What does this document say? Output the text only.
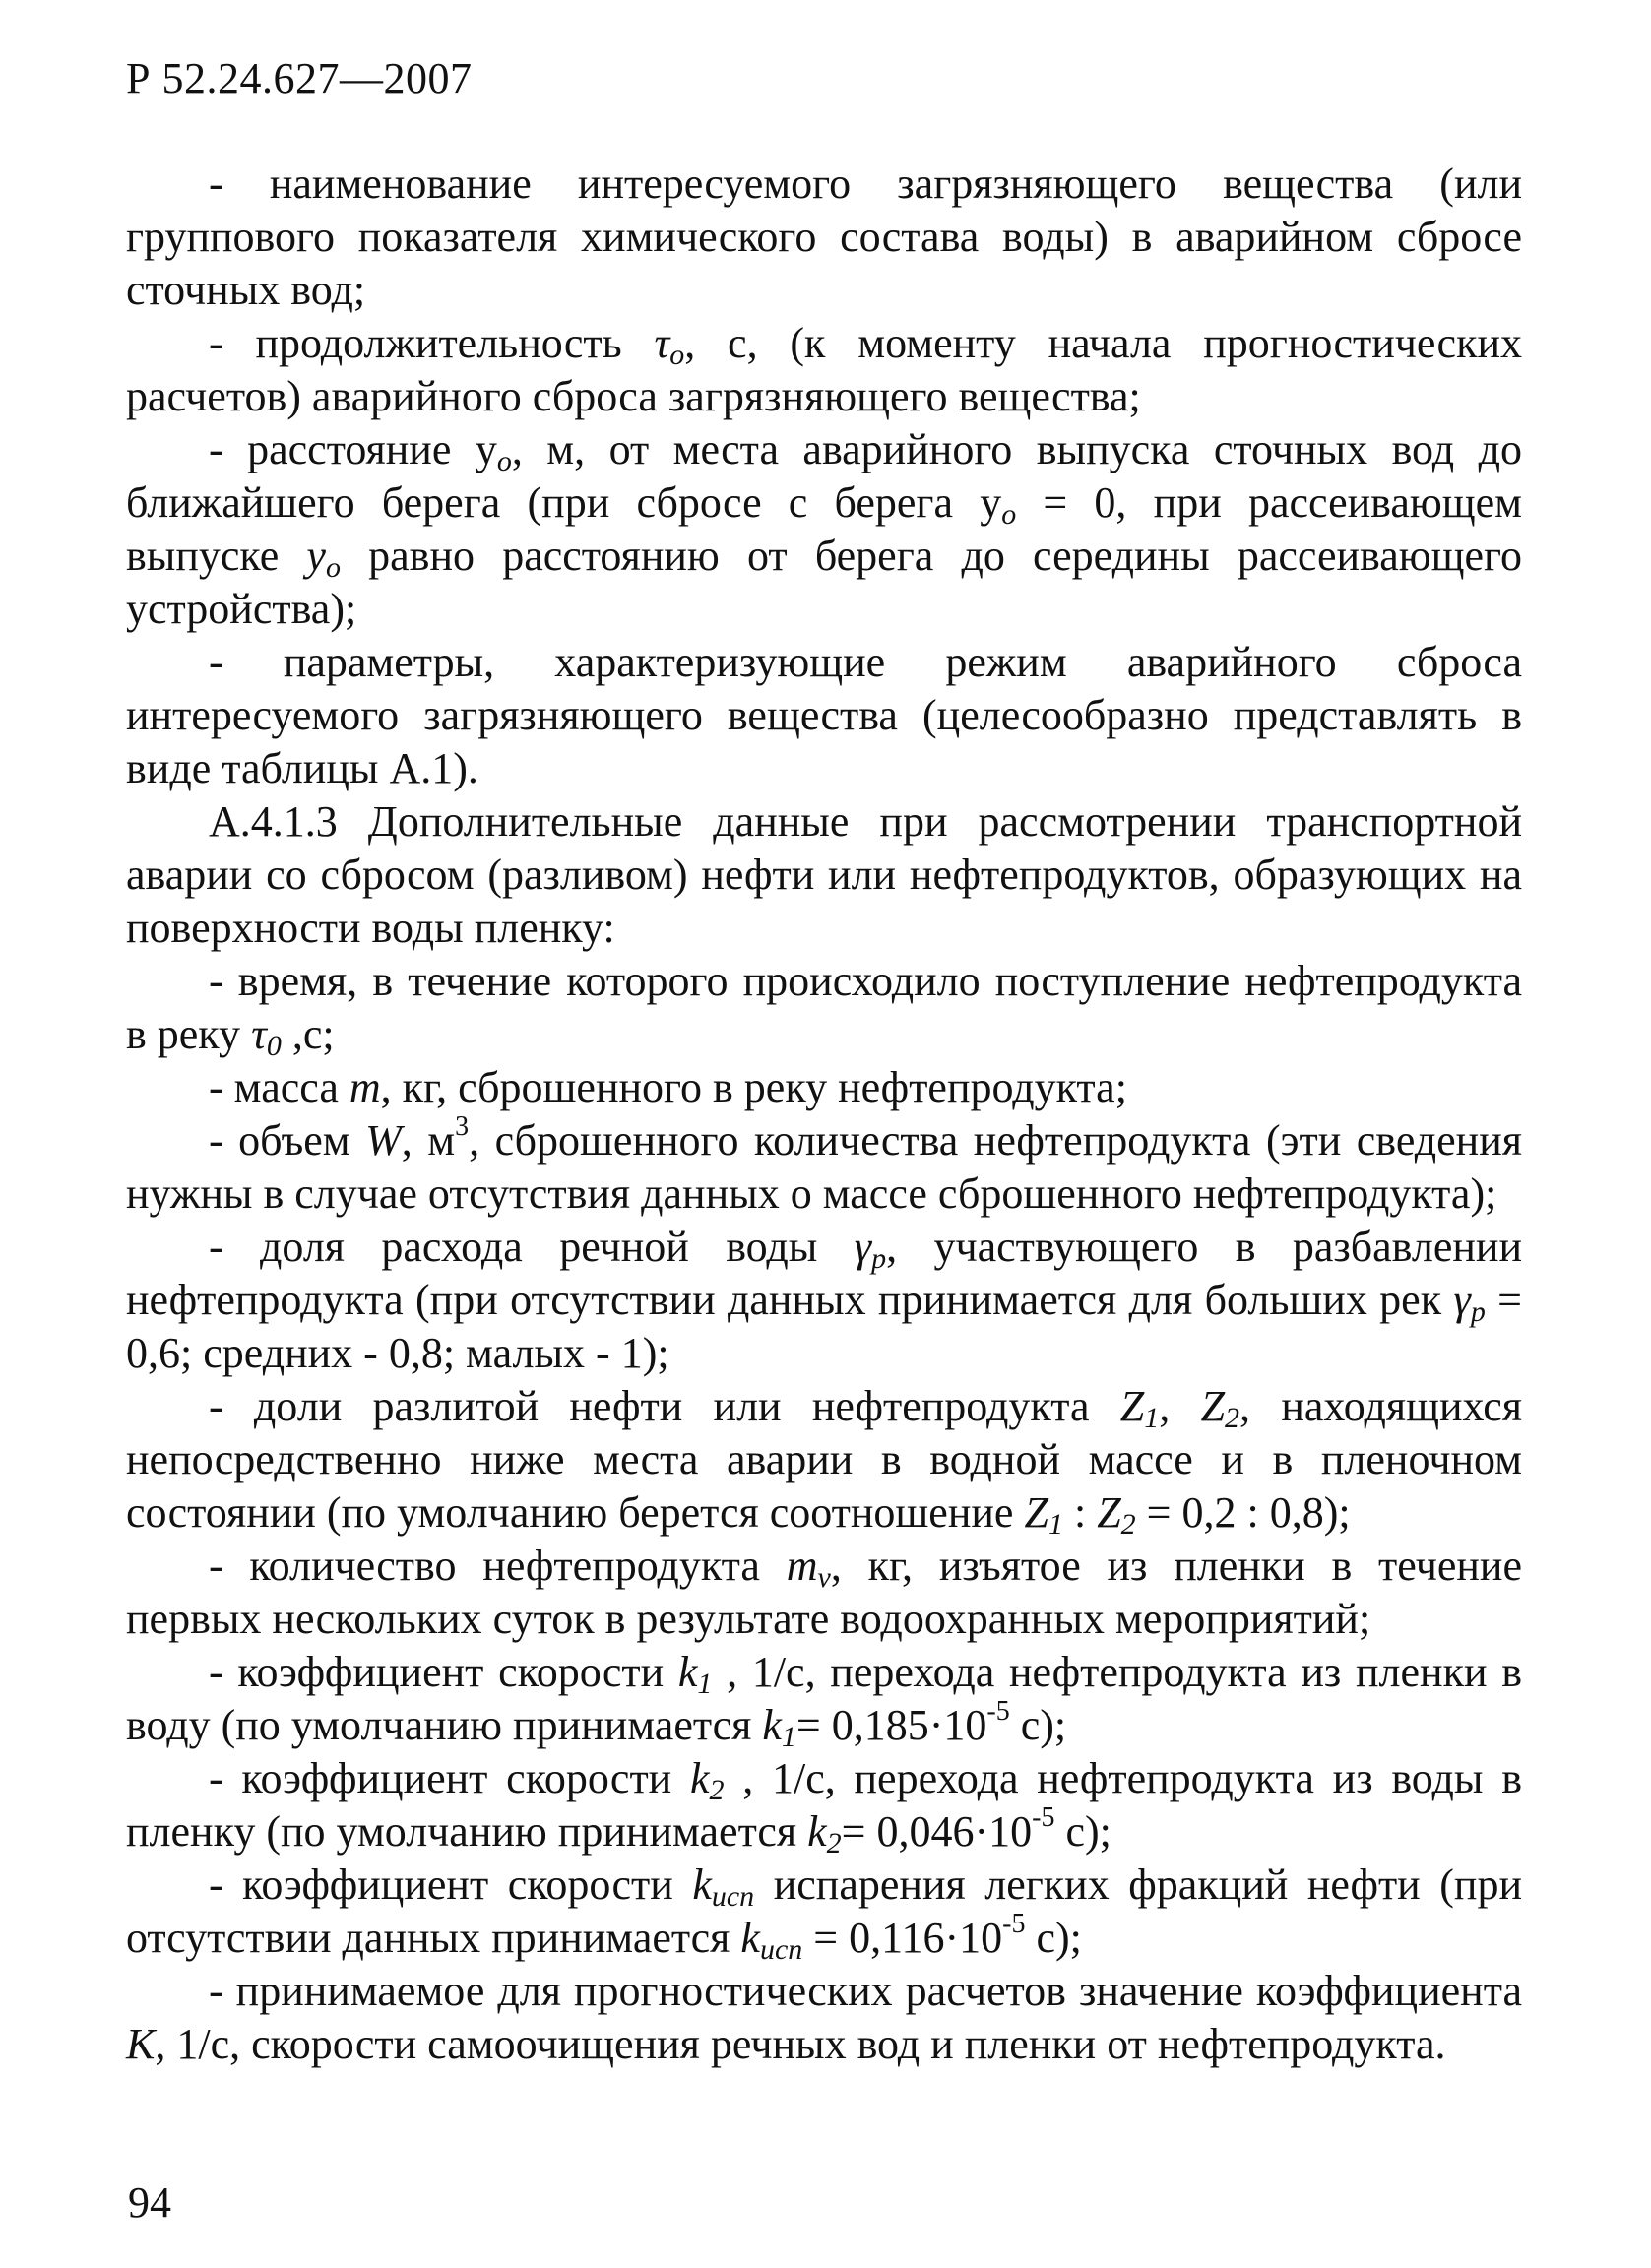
Р 52.24.627—2007

- наименование интересуемого загрязняющего вещества (или группового показателя химического состава воды) в аварийном сбросе сточных вод;

- продолжительность $\tau_o$, с, (к моменту начала прогностических расчетов) аварийного сброса загрязняющего вещества;

- расстояние $у_о$, м, от места аварийного выпуска сточных вод до ближайшего берега (при сбросе с берега $у_о = 0$, при рассеивающем выпуске $y_o$ равно расстоянию от берега до середины рассеивающего устройства);

- параметры, характеризующие режим аварийного сброса интересуемого загрязняющего вещества (целесообразно представлять в виде таблицы А.1).

А.4.1.3 Дополнительные данные при рассмотрении транспортной аварии со сбросом (разливом) нефти или нефтепродуктов, образующих на поверхности воды пленку:

- время, в течение которого происходило поступление нефтепродукта в реку $\tau_0$ ,с;

- масса m, кг, сброшенного в реку нефтепродукта;

- объем W, $м^3$, сброшенного количества нефтепродукта (эти сведения нужны в случае отсутствия данных о массе сброшенного нефтепродукта);

- доля расхода речной воды $\gamma_p$, участвующего в разбавлении нефтепродукта (при отсутствии данных принимается для больших рек $\gamma_p = 0,6$; средних - 0,8; малых - 1);

- доли разлитой нефти или нефтепродукта $Z_1$, $Z_2$, находящихся непосредственно ниже места аварии в водной массе и в пленочном состоянии (по умолчанию берется соотношение $Z_1$ : $Z_2 = 0,2$ : 0,8);

- количество нефтепродукта $m_v$, кг, изъятое из пленки в течение первых нескольких суток в результате водоохранных мероприятий;

- коэффициент скорости $k_1$ , 1/с, перехода нефтепродукта из пленки в воду (по умолчанию принимается $k_1= 0,185\cdot 10^{-5}$ с);

- коэффициент скорости $k_2$ , 1/с, перехода нефтепродукта из воды в пленку (по умолчанию принимается $k_2= 0,046\cdot 10^{-5}$ с);

- коэффициент скорости $k_{исп}$ испарения легких фракций нефти (при отсутствии данных принимается $k_{исп} = 0,116\cdot 10^{-5}$ с);

- принимаемое для прогностических расчетов значение коэффициента K, 1/с, скорости самоочищения речных вод и пленки от нефтепродукта.

94
